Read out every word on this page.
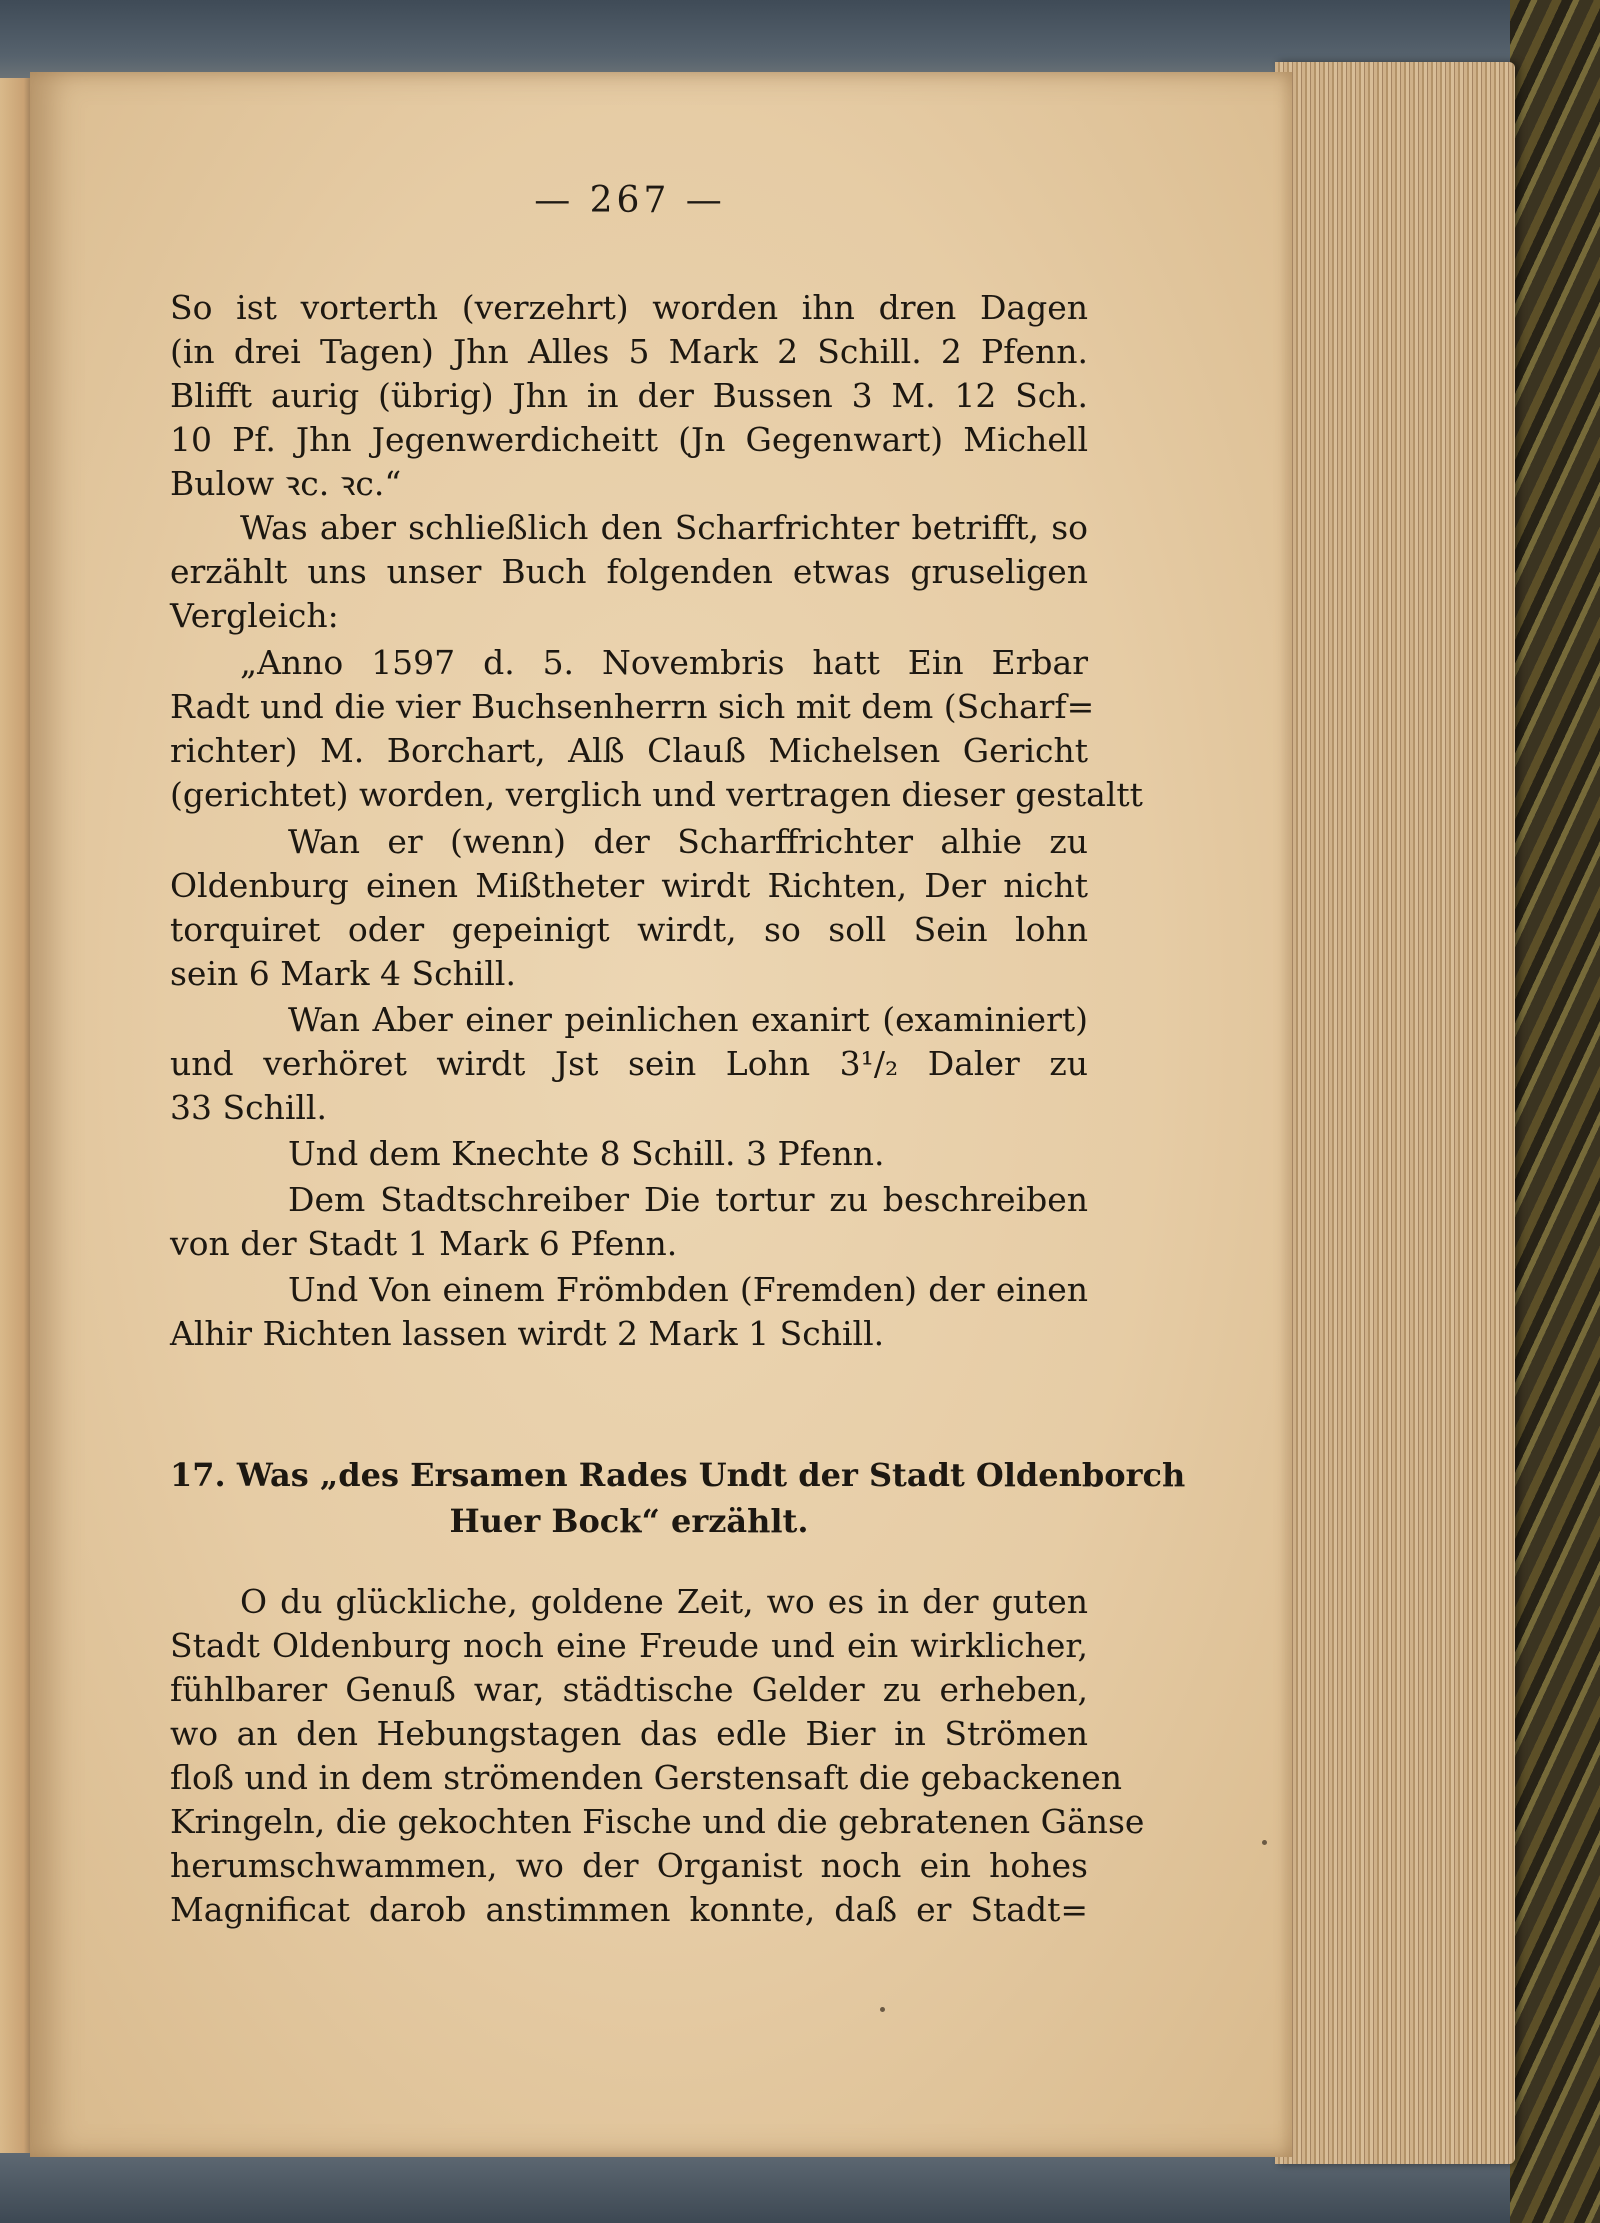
— 267 —
So ist vorterth (verzehrt) worden ihn dren Dagen
(in drei Tagen) Jhn Alles 5 Mark 2 Schill. 2 Pfenn.
Blifft aurig (übrig) Jhn in der Bussen 3 M. 12 Sch.
10 Pf. Jhn Jegenwerdicheitt (Jn Gegenwart) Michell
Bulow ꝛc. ꝛc.“
Was aber schließlich den Scharfrichter betrifft, so
erzählt uns unser Buch folgenden etwas gruseligen
Vergleich:
„Anno 1597 d. 5. Novembris hatt Ein Erbar
Radt und die vier Buchsenherrn sich mit dem (Scharf=
richter) M. Borchart, Alß Clauß Michelsen Gericht
(gerichtet) worden, verglich und vertragen dieser gestaltt
Wan er (wenn) der Scharffrichter alhie zu
Oldenburg einen Mißtheter wirdt Richten, Der nicht
torquiret oder gepeinigt wirdt, so soll Sein lohn
sein 6 Mark 4 Schill.
Wan Aber einer peinlichen exanirt (examiniert)
und verhöret wirdt Jst sein Lohn 3¹/₂ Daler zu
33 Schill.
Und dem Knechte 8 Schill. 3 Pfenn.
Dem Stadtschreiber Die tortur zu beschreiben
von der Stadt 1 Mark 6 Pfenn.
Und Von einem Frömbden (Fremden) der einen
Alhir Richten lassen wirdt 2 Mark 1 Schill.
17. Was „des Ersamen Rades Undt der Stadt Oldenborch
Huer Bock“ erzählt.
O du glückliche, goldene Zeit, wo es in der guten
Stadt Oldenburg noch eine Freude und ein wirklicher,
fühlbarer Genuß war, städtische Gelder zu erheben,
wo an den Hebungstagen das edle Bier in Strömen
floß und in dem strömenden Gerstensaft die gebackenen
Kringeln, die gekochten Fische und die gebratenen Gänse
herumschwammen, wo der Organist noch ein hohes
Magnificat darob anstimmen konnte, daß er Stadt=
